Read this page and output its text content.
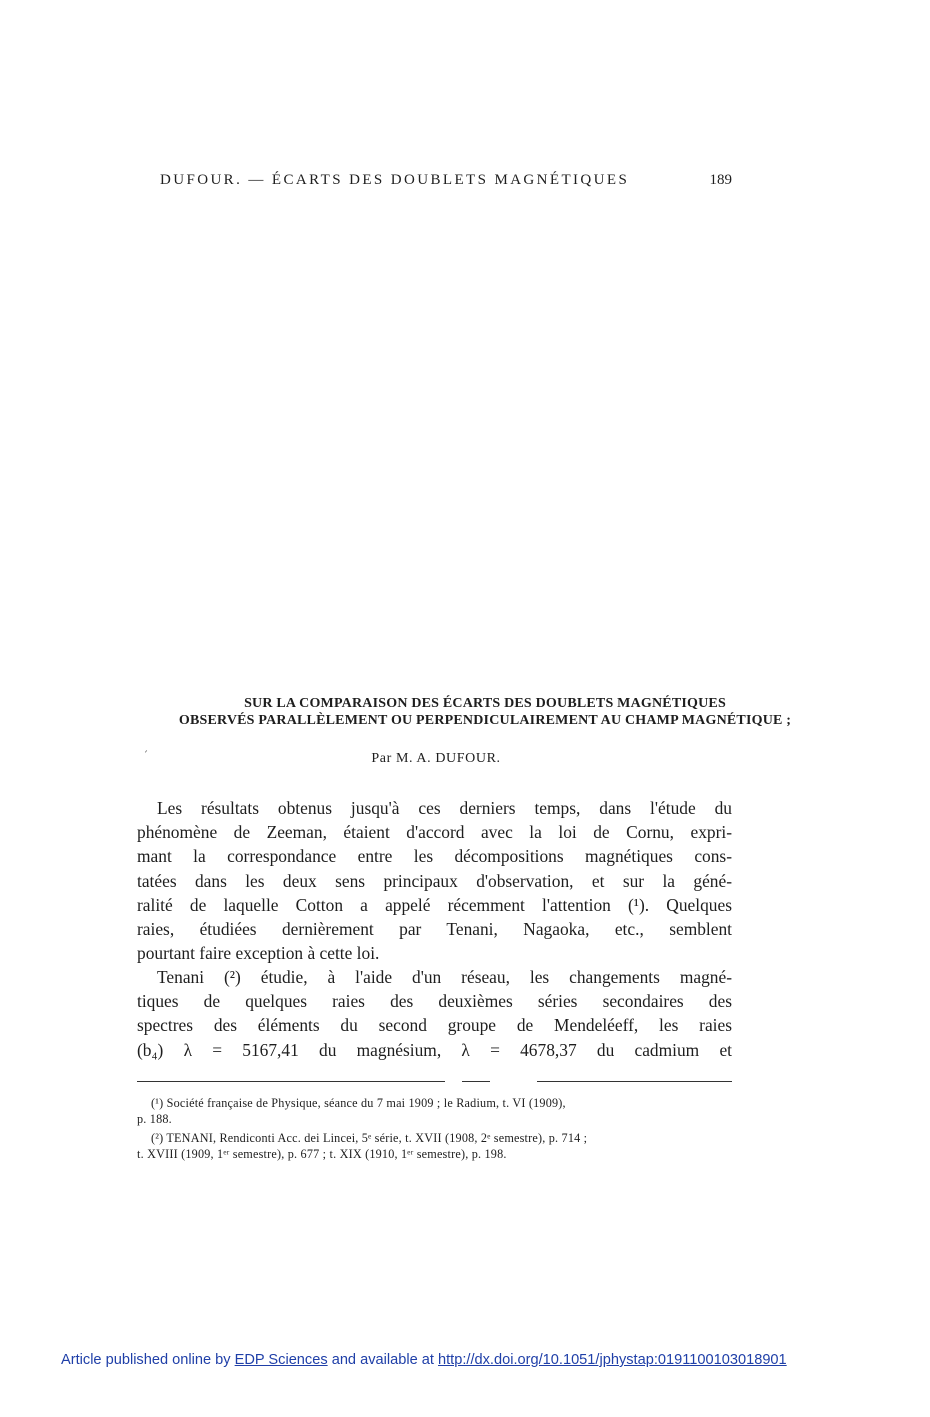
DUFOUR. — ÉCARTS DES DOUBLETS MAGNÉTIQUES	189
SUR LA COMPARAISON DES ÉCARTS DES DOUBLETS MAGNÉTIQUES
OBSERVÉS PARALLÈLEMENT OU PERPENDICULAIREMENT AU CHAMP MAGNÉTIQUE ;
´	Par M. A. DUFOUR.
Les résultats obtenus jusqu'à ces derniers temps, dans l'étude du
phénomène de Zeeman, étaient d'accord avec la loi de Cornu, expri-
mant la correspondance entre les décompositions magnétiques cons-
tatées dans les deux sens principaux d'observation, et sur la géné-
ralité de laquelle Cotton a appelé récemment l'attention (¹). Quelques
raies, étudiées dernièrement par Tenani, Nagaoka, etc., semblent
pourtant faire exception à cette loi.
Tenani (²) étudie, à l'aide d'un réseau, les changements magné-
tiques de quelques raies des deuxièmes séries secondaires des
spectres des éléments du second groupe de Mendeléeff, les raies
(b₄) λ = 5167,41 du magnésium, λ = 4678,37 du cadmium et
(¹) Société française de Physique, séance du 7 mai 1909 ; le Radium, t. VI (1909),
p. 188.
(²) TENANI, Rendiconti Acc. dei Lincei, 5ᵉ série, t. XVII (1908, 2ᵉ semestre), p. 714 ;
t. XVIII (1909, 1ᵉʳ semestre), p. 677 ; t. XIX (1910, 1ᵉʳ semestre), p. 198.
Article published online by EDP Sciences and available at http://dx.doi.org/10.1051/jphystap:0191100103018901
